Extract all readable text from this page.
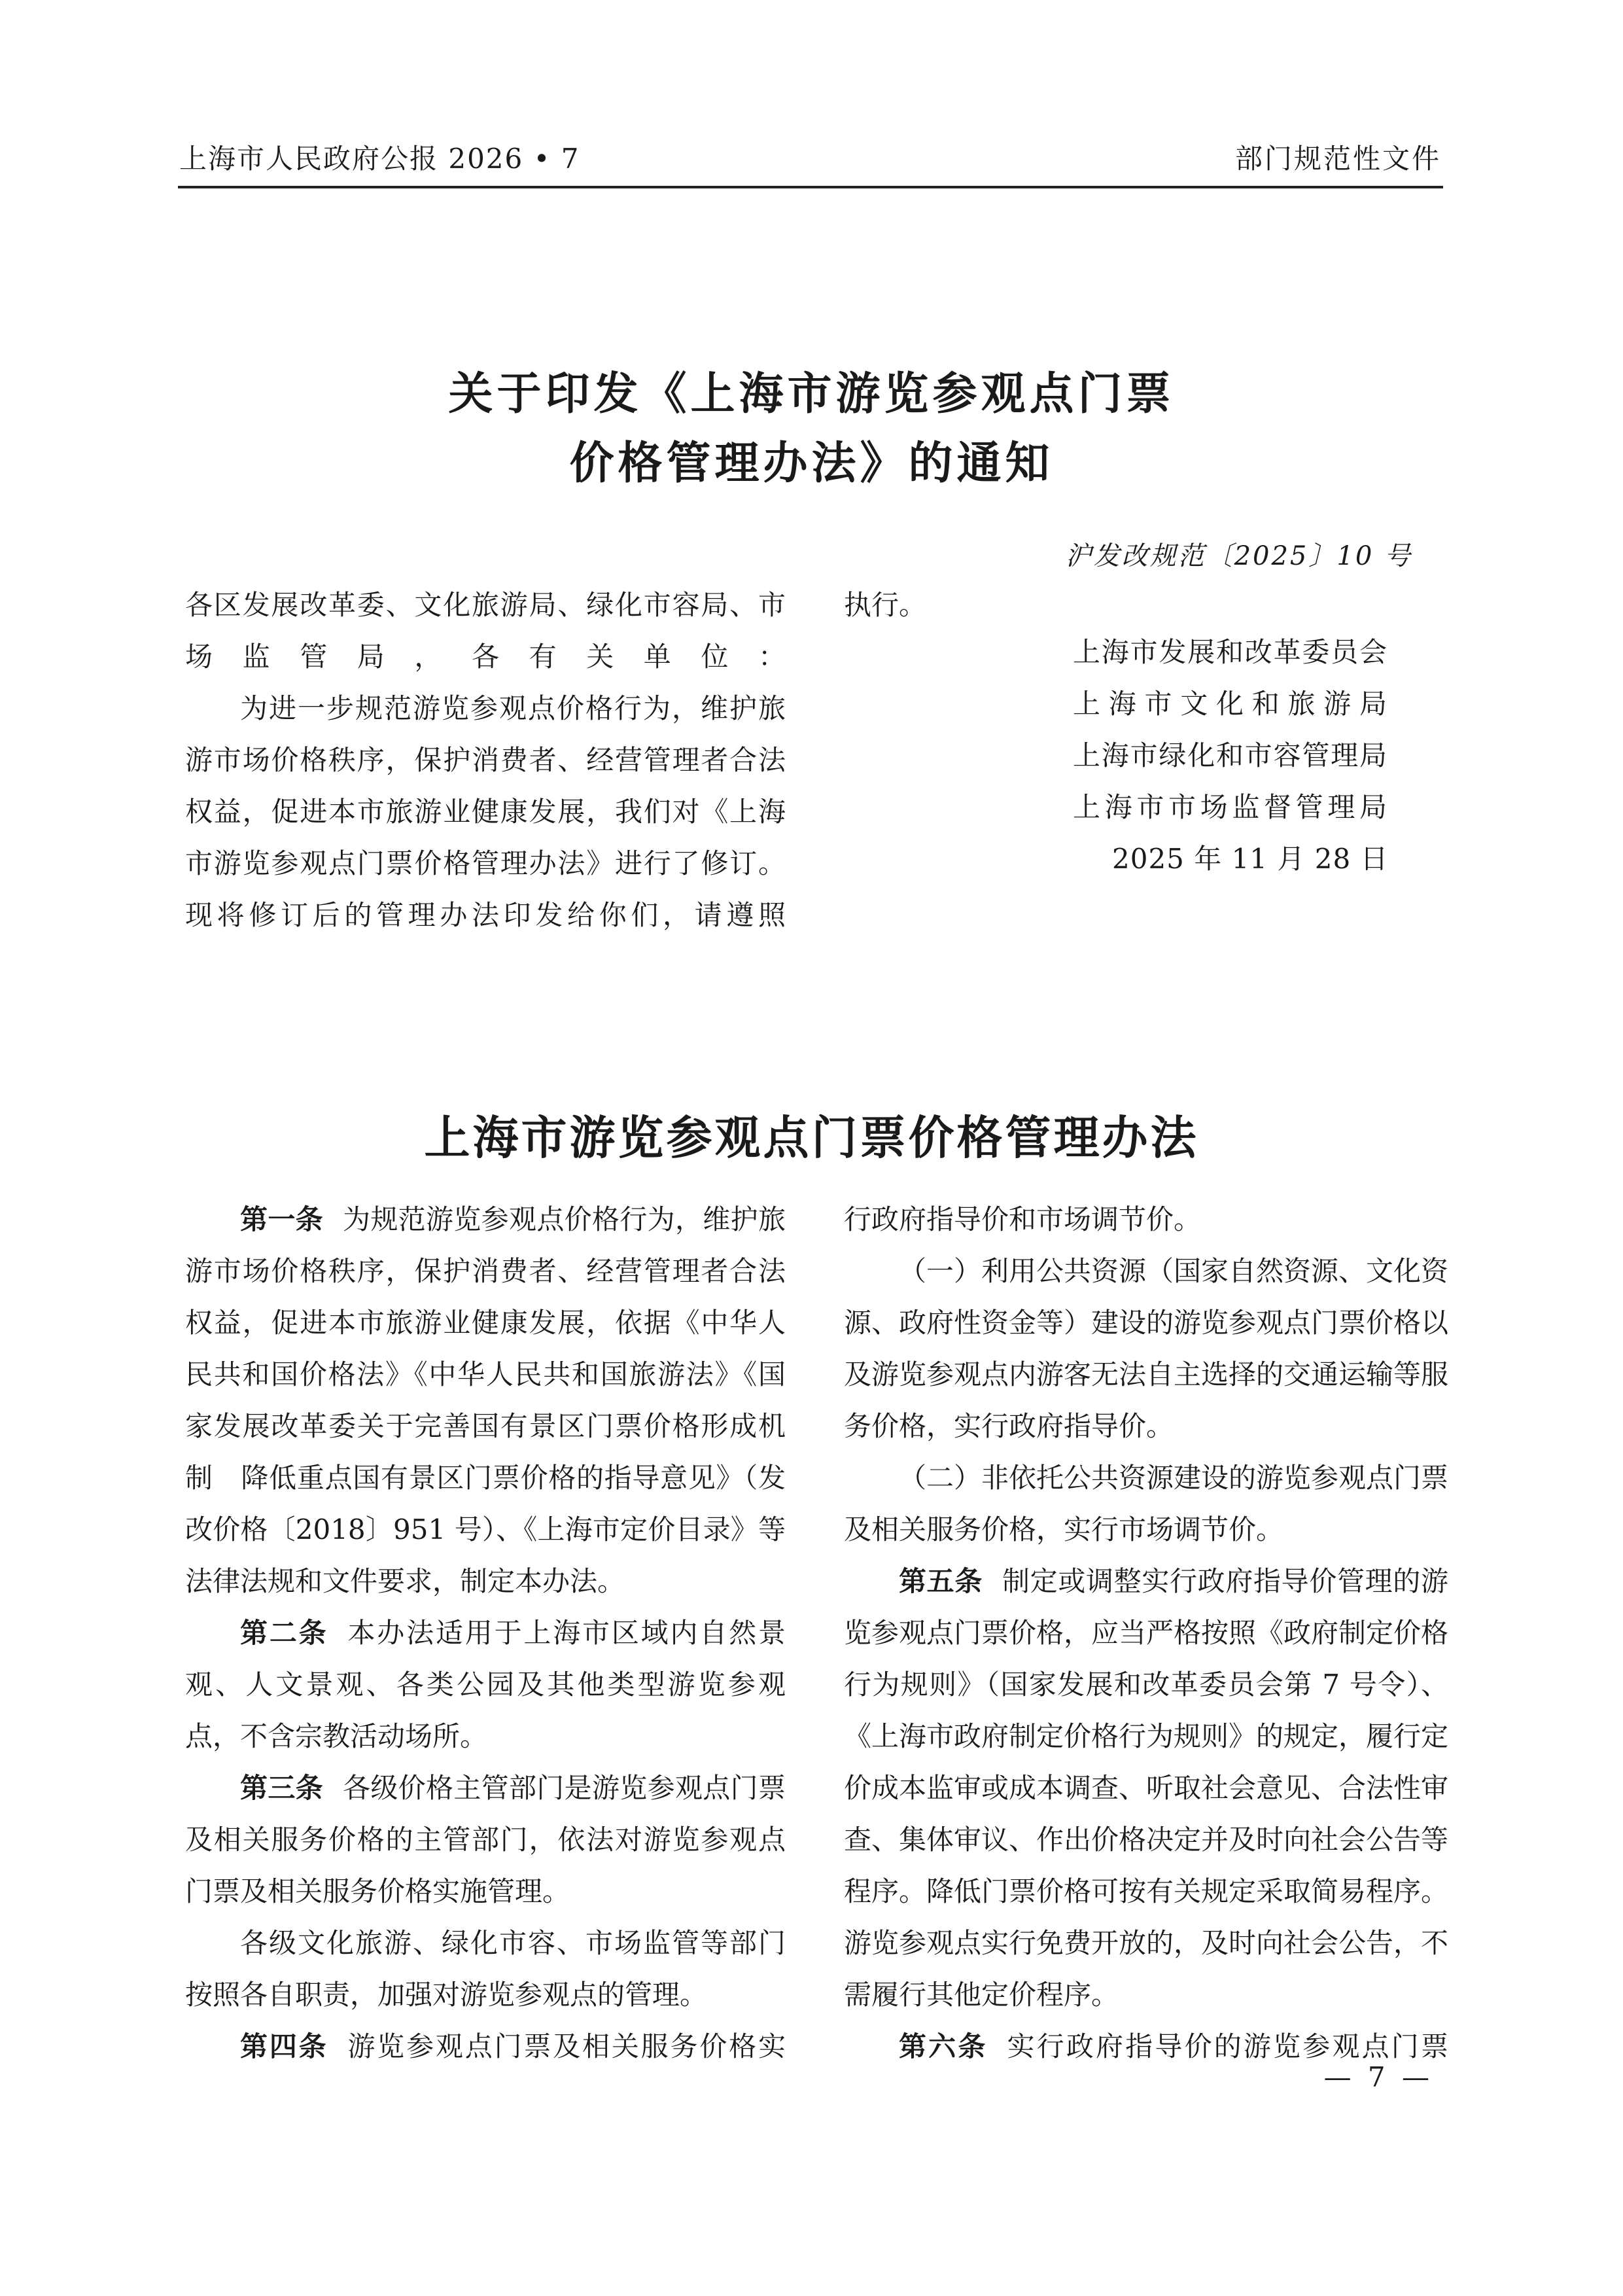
上海市人民政府公报 2026 • 7	部门规范性文件
关于印发《上海市游览参观点门票
价格管理办法》的通知
沪发改规范〔2025〕10 号

各区发展改革委、文化旅游局、绿化市容局、市场监管局，各有关单位：

为进一步规范游览参观点价格行为，维护旅游市场价格秩序，保护消费者、经营管理者合法权益，促进本市旅游业健康发展，我们对《上海市游览参观点门票价格管理办法》进行了修订。现将修订后的管理办法印发给你们，请遵照

执行。

上海市发展和改革委员会
上海市文化和旅游局
上海市绿化和市容管理局
上海市市场监督管理局
2025 年 11 月 28 日
上海市游览参观点门票价格管理办法

第一条 为规范游览参观点价格行为，维护旅游市场价格秩序，保护消费者、经营管理者合法权益，促进本市旅游业健康发展，依据《中华人民共和国价格法》《中华人民共和国旅游法》《国家发展改革委关于完善国有景区门票价格形成机制　降低重点国有景区门票价格的指导意见》（发改价格〔2018〕951 号）、《上海市定价目录》等法律法规和文件要求，制定本办法。

第二条 本办法适用于上海市区域内自然景观、人文景观、各类公园及其他类型游览参观点，不含宗教活动场所。

第三条 各级价格主管部门是游览参观点门票及相关服务价格的主管部门，依法对游览参观点门票及相关服务价格实施管理。

各级文化旅游、绿化市容、市场监管等部门按照各自职责，加强对游览参观点的管理。

第四条 游览参观点门票及相关服务价格实

行政府指导价和市场调节价。

（一）利用公共资源（国家自然资源、文化资源、政府性资金等）建设的游览参观点门票价格以及游览参观点内游客无法自主选择的交通运输等服务价格，实行政府指导价。

（二）非依托公共资源建设的游览参观点门票及相关服务价格，实行市场调节价。

第五条 制定或调整实行政府指导价管理的游览参观点门票价格，应当严格按照《政府制定价格行为规则》（国家发展和改革委员会第 7 号令）、《上海市政府制定价格行为规则》的规定，履行定价成本监审或成本调查、听取社会意见、合法性审查、集体审议、作出价格决定并及时向社会公告等程序。降低门票价格可按有关规定采取简易程序。游览参观点实行免费开放的，及时向社会公告，不需履行其他定价程序。

第六条 实行政府指导价的游览参观点门票

— 7 —
